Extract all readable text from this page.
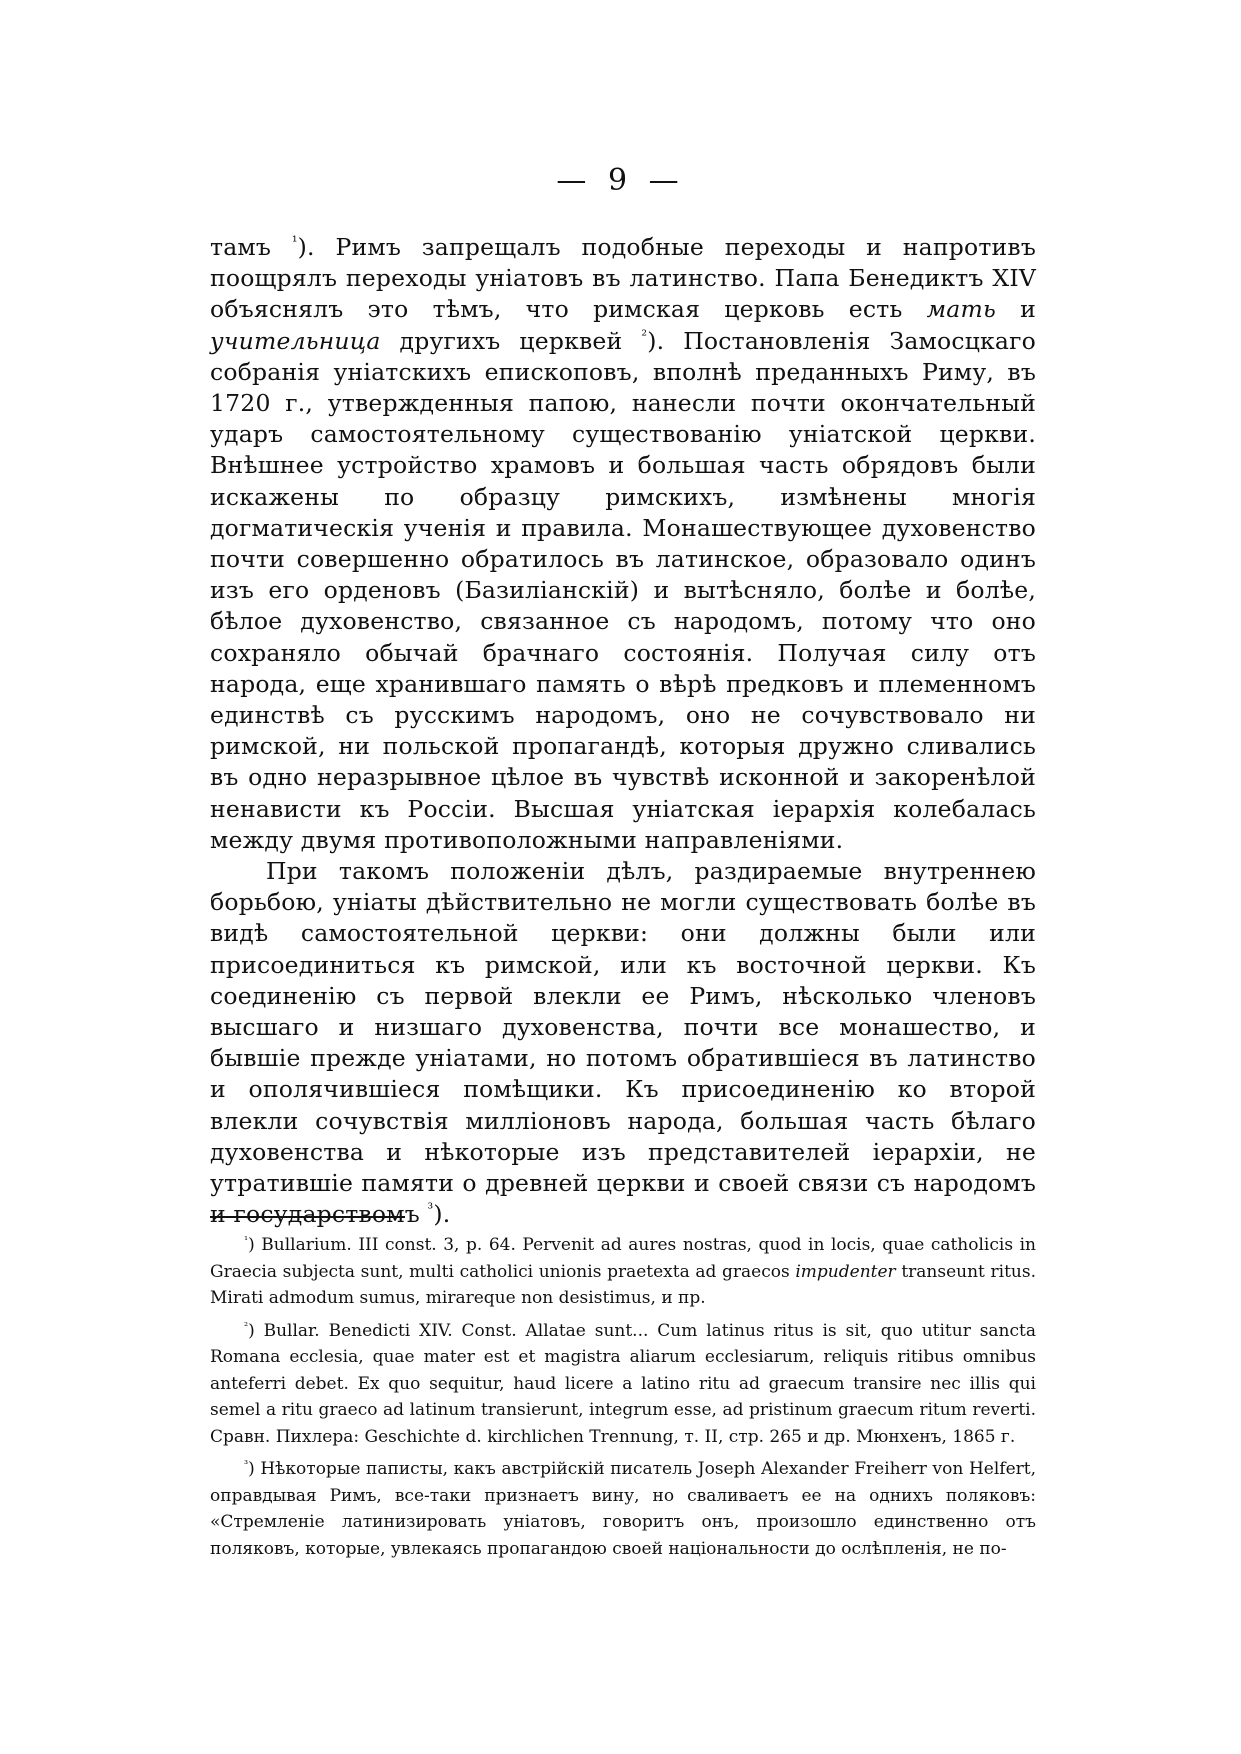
— 9 —

тамъ $^{^1}$). Римъ запрещалъ подобные переходы и напротивъ поощрялъ переходы уніатовъ въ латинство. Папа Бенедиктъ XIV объяснялъ это тѣмъ, что римская церковь есть мать и учительница другихъ церквей $^{^2}$). Постановленія Замосцкаго собранія уніатскихъ епископовъ, вполнѣ преданныхъ Риму, въ 1720 г., утвержденныя папою, нанесли почти окончательный ударъ самостоятельному существованію уніатской церкви. Внѣшнее устройство храмовъ и большая часть обрядовъ были искажены по образцу римскихъ, измѣнены многія догматическія ученія и правила. Монашествующее духовенство почти совершенно обратилось въ латинское, образовало одинъ изъ его орденовъ (Базиліанскій) и вытѣсняло, болѣе и болѣе, бѣлое духовенство, связанное съ народомъ, потому что оно сохраняло обычай брачнаго состоянія. Получая силу отъ народа, еще хранившаго память о вѣрѣ предковъ и племенномъ единствѣ съ русскимъ народомъ, оно не сочувствовало ни римской, ни польской пропагандѣ, которыя дружно сливались въ одно неразрывное цѣлое въ чувствѣ исконной и закоренѣлой ненависти къ Россіи. Высшая уніатская іерархія колебалась между двумя противоположными направленіями.

При такомъ положеніи дѣлъ, раздираемые внутреннею борьбою, уніаты дѣйствительно не могли существовать болѣе въ видѣ самостоятельной церкви: они должны были или присоединиться къ римской, или къ восточной церкви. Къ соединенію съ первой влекли ее Римъ, нѣсколько членовъ высшаго и низшаго духовенства, почти все монашество, и бывшіе прежде уніатами, но потомъ обратившіеся въ латинство и ополячившіеся помѣщики. Къ присоединенію ко второй влекли сочувствія милліоновъ народа, большая часть бѣлаго духовенства и нѣкоторые изъ представителей іерархіи, не утратившіе памяти о древней церкви и своей связи съ народомъ и государствомъ $^{^3}$).

$^{^1}$) Bullarium. III const. 3, p. 64. Pervenit ad aures nostras, quod in locis, quae catholicis in Graecia subjecta sunt, multi catholici unionis praetexta ad graecos impudenter transeunt ritus. Mirati admodum sumus, mirareque non desistimus, и пр.

$^{^2}$) Bullar. Benedicti XIV. Const. Allatae sunt... Cum latinus ritus is sit, quo utitur sancta Romana ecclesia, quae mater est et magistra aliarum ecclesiarum, reliquis ritibus omnibus anteferri debet. Ex quo sequitur, haud licere a latino ritu ad graecum transire nec illis qui semel a ritu graeco ad latinum transierunt, integrum esse, ad pristinum graecum ritum reverti. Сравн. Пихлера: Geschichte d. kirchlichen Trennung, т. II, стр. 265 и др. Мюнхенъ, 1865 г.

$^{^3}$) Нѣкоторые паписты, какъ австрійскій писатель Joseph Alexander Freiherr von Helfert, оправдывая Римъ, все-таки признаетъ вину, но сваливаетъ ее на однихъ поляковъ: «Стремленіе латинизировать уніатовъ, говоритъ онъ, произошло единственно отъ поляковъ, которые, увлекаясь пропагандою своей національности до ослѣпленія, не по-
